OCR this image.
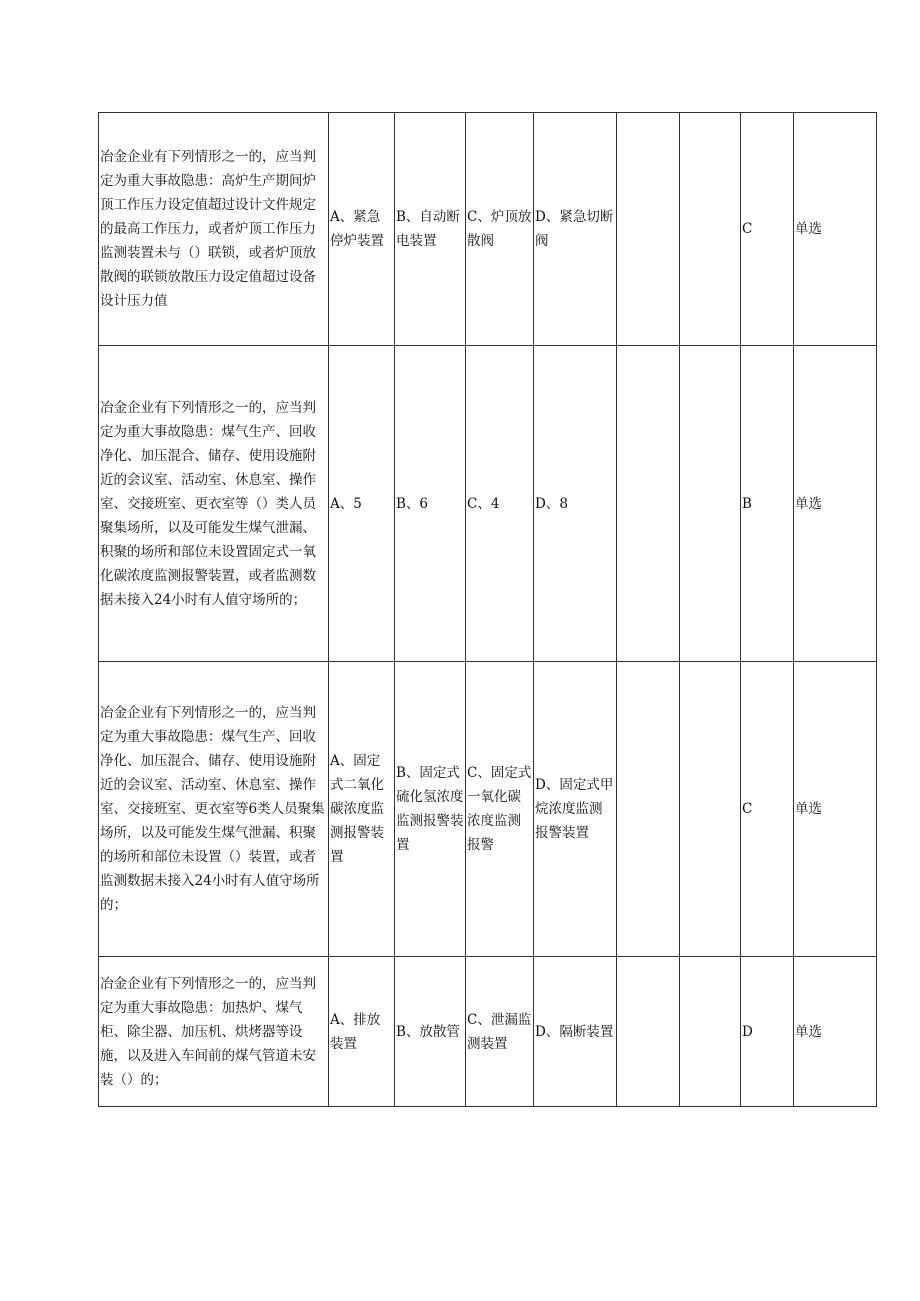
冶金企业有下列情形之一的，应当判定为重大事故隐患：高炉生产期间炉顶工作压力设定值超过设计文件规定的最高工作压力，或者炉顶工作压力监测装置未与（）联锁，或者炉顶放散阀的联锁放散压力设定值超过设备设计压力值	A、紧急停炉装置	B、自动断电装置	C、炉顶放散阀	D、紧急切断阀			C	单选
冶金企业有下列情形之一的，应当判定为重大事故隐患：煤气生产、回收净化、加压混合、储存、使用设施附近的会议室、活动室、休息室、操作室、交接班室、更衣室等（）类人员聚集场所，以及可能发生煤气泄漏、积聚的场所和部位未设置固定式一氧化碳浓度监测报警装置，或者监测数据未接入24小时有人值守场所的；	A、5	B、6	C、4	D、8			B	单选
冶金企业有下列情形之一的，应当判定为重大事故隐患：煤气生产、回收净化、加压混合、储存、使用设施附近的会议室、活动室、休息室、操作室、交接班室、更衣室等6类人员聚集场所，以及可能发生煤气泄漏、积聚的场所和部位未设置（）装置，或者监测数据未接入24小时有人值守场所的；	A、固定式二氧化碳浓度监测报警装置	B、固定式硫化氢浓度监测报警装置	C、固定式一氧化碳浓度监测报警	D、固定式甲烷浓度监测报警装置			C	单选
冶金企业有下列情形之一的，应当判定为重大事故隐患：加热炉、煤气柜、除尘器、加压机、烘烤器等设施，以及进入车间前的煤气管道未安装（）的；	A、排放装置	B、放散管	C、泄漏监测装置	D、隔断装置			D	单选
